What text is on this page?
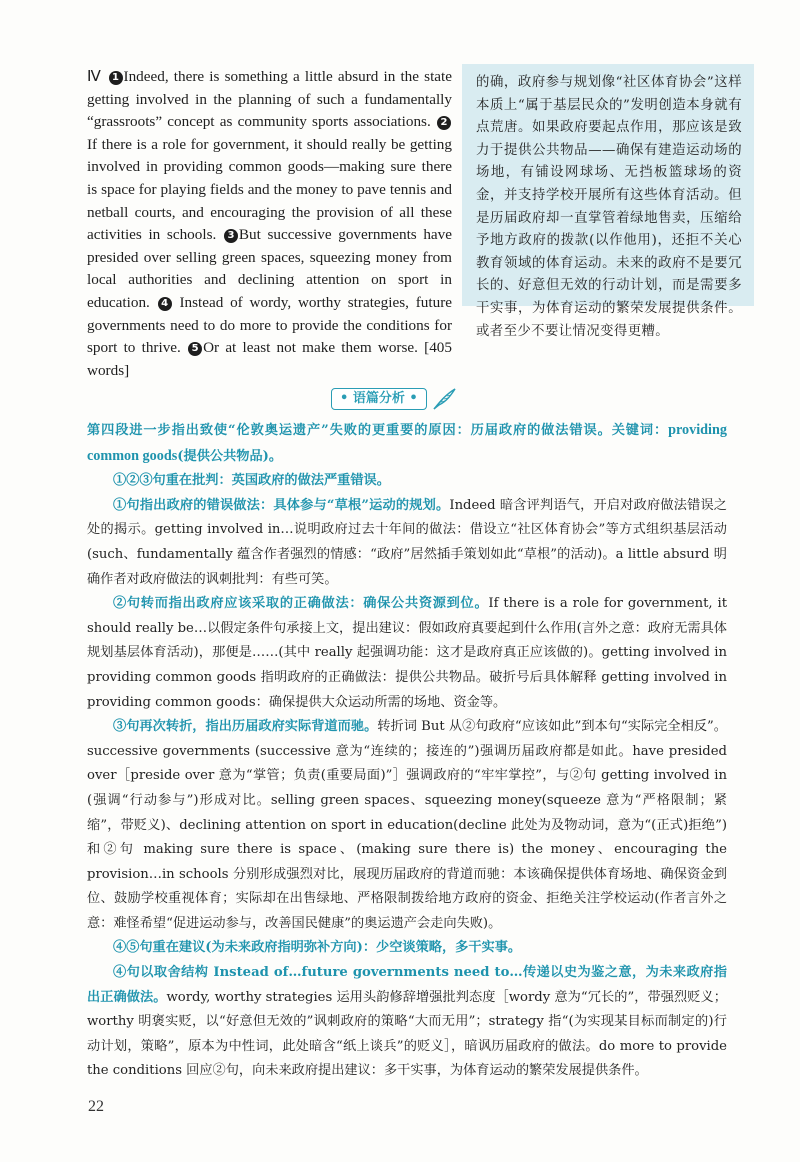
Ⅳ 1 Indeed, there is something a little absurd in the state getting involved in the planning of such a fundamentally “grassroots” concept as community sports associations. 2If there is a role for government, it should really be getting involved in providing common goods—making sure there is space for playing fields and the money to pave tennis and netball courts, and encouraging the provision of all these activities in schools. 3 But successive governments have presided over selling green spaces, squeezing money from local authorities and declining attention on sport in education. 4 Instead of wordy, worthy strategies, future governments need to do more to provide the conditions for sport to thrive. 5 Or at least not make them worse. [405 words]
的确，政府参与规划像“社区体育协会”这样本质上“属于基层民众的”发明创造本身就有点荒唐。如果政府要起点作用，那应该是致力于提供公共物品——确保有建造运动场的场地，有铺设网球场、无挡板篮球场的资金，并支持学校开展所有这些体育活动。但是历届政府却一直掌管着绿地售卖，压缩给予地方政府的拨款(以作他用)，还拒不关心教育领域的体育运动。未来的政府不是要冗长的、好意但无效的行动计划，而是需要多干实事，为体育运动的繁荣发展提供条件。或者至少不要让情况变得更糟。
• 语篇分析 •

第四段进一步指出致使“伦敦奥运遗产”失败的更重要的原因：历届政府的做法错误。关键词：providing common goods(提供公共物品)。

①②③句重在批判：英国政府的做法严重错误。

①句指出政府的错误做法：具体参与“草根”运动的规划。Indeed 暗含评判语气，开启对政府做法错误之处的揭示。getting involved in…说明政府过去十年间的做法：借设立“社区体育协会”等方式组织基层活动(such、fundamentally 蕴含作者强烈的情感：“政府”居然插手策划如此“草根”的活动)。a little absurd 明确作者对政府做法的讽刺批判：有些可笑。

②句转而指出政府应该采取的正确做法：确保公共资源到位。If there is a role for government, it should really be…以假定条件句承接上文，提出建议：假如政府真要起到什么作用(言外之意：政府无需具体规划基层体育活动)，那便是……(其中 really 起强调功能：这才是政府真正应该做的)。getting involved in providing common goods 指明政府的正确做法：提供公共物品。破折号后具体解释 getting involved in providing common goods：确保提供大众运动所需的场地、资金等。

③句再次转折，指出历届政府实际背道而驰。转折词 But 从②句政府“应该如此”到本句“实际完全相反”。successive governments (successive 意为“连续的；接连的”)强调历届政府都是如此。have presided over［preside over 意为“掌管；负责(重要局面)”］强调政府的“牢牢掌控”，与②句 getting involved in (强调“行动参与”)形成对比。selling green spaces、squeezing money(squeeze 意为“严格限制；紧缩”，带贬义)、declining attention on sport in education(decline 此处为及物动词，意为“(正式)拒绝”) 和②句 making sure there is space、(making sure there is) the money、encouraging the provision…in schools 分别形成强烈对比，展现历届政府的背道而驰：本该确保提供体育场地、确保资金到位、鼓励学校重视体育；实际却在出售绿地、严格限制拨给地方政府的资金、拒绝关注学校运动(作者言外之意：难怪希望“促进运动参与，改善国民健康”的奥运遗产会走向失败)。

④⑤句重在建议(为未来政府指明弥补方向)：少空谈策略，多干实事。

④句以取舍结构 Instead of…future governments need to…传递以史为鉴之意，为未来政府指出正确做法。wordy, worthy strategies 运用头韵修辞增强批判态度［wordy 意为“冗长的”，带强烈贬义；worthy 明褒实贬，以“好意但无效的”讽刺政府的策略“大而无用”；strategy 指“(为实现某目标而制定的)行动计划，策略”，原本为中性词，此处暗含“纸上谈兵”的贬义］，暗讽历届政府的做法。do more to provide the conditions 回应②句，向未来政府提出建议：多干实事，为体育运动的繁荣发展提供条件。

22
